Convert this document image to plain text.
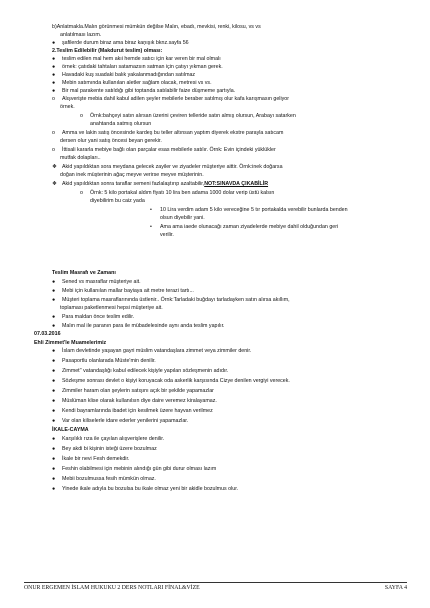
b)Anlatmaklа.Malın görünmesi mümkün değilse Malın, ebadı, mevkisi, renki, kilosu, vs vs
anlatılması lazım.
● şafilerde durum biraz ama biraz kaņışık bknz.sayfa 56
2.Teslim Edilebilir (Makdurut teslim) olması:
● teslim edilen mal hem akıi hemde satıcı için kar veren bir mal olmalı
● örnek: çatıdaki tahtaları satamazsın satman için çatıyı yıkman gerek.
● Havadaki kuş suadaki balık yakalanmadığından satılmaz
● Mebin satımında kullanılan aletler sağlam olacak, metresi vs vs.
● Bir mal parakente satıldığı gibi toptanda satılabilir faize düşmeme şartıyla.
o Alışverişte mebia dahil kabul adilen şeyler mebilerle beraber satılmış olur kafa karışmasın geliyor
örnek.
o Örnk:bahçeyi satın alırsan üzerini çeviren telleride satın almış olursun, Arabayı satarken
anahtarıda satmış olursun
o Amma ve lakin satış öncesinde kardeş bu teller altınsan yaptım diyerek ekstre parayla satıcam
dersen olur yani satış öncesi beyan gerekir.
o İttisali kararla mebiye bağlı olan parçalar esas mebilerle satılır. Örnk: Evin içindeki yüklükler
mutfak dolapları..
❖ Akid yapıldıktan sora meydana gelecek zayiler ve ziyadeler müşteriye aittir. Örnk:inek doğarsa
doğan inek müşterinin ağaç meyve verirse meyve müşterinin.
❖ Akid yapıldıktan sonra taraflar semeni fazlalaştırıp azaltabilir,NOT:SINAVDA ÇIKABİLİR
o Örnk: 5 kilo portakal aldım fiyatı 10 lira ben adama 1000 dolar verip üstü kalsın
diyebilirim bu caiz yada
• 10 Lira verdim adam 5 kilo vereceğine 5 tır portakalda verebilir bunlarda benden
olsun diyebilir yani.
• Ama ama iaede olunacağı zaman ziyadelerde mebiye dahil olduğundan geri
verilir.
Teslim Masrafı ve Zamanı
● Sened vs masraflar müşteriye ait.
● Mebi için kullanılan mallar bayiaya ait metre terazi tartı...
● Müşteri toplama masraflarınında üstlenir.. Örnk:Tarladaki buğdayı tarladayken satın alırsa akıllım,
toplaması paketlenmesi hepsi müşteriye ait.
● Para maldan önce teslim edilir.
● Malın mal ile paranın para ile mübadelesinde aynı anda teslim yapılır.
07.03.2016
Ehli Zimmet'le Muamelerimiz
● İslam devletinde yaşayan gayri müslim vatandaşlara zimmet veya zimmiler denir.
● Pasaportlu olanlarada Müste'min denilir.
● Zimmet'' vatandaşlığı kabul edilecek kişiyle yapılan sözleşmenin adıdır.
● Sözleşme sonrası devlet o kişiyi koruyacak oda askerlik karşısında Cizye denilen vergiyi verecek.
● Zimmiler haram olan şeylerin satışını açık bir şekilde yapamazlar
● Müslüman klise olarak kullanılsın diye daire veremez kiralayamaz.
● Kendi bayramlarında ibadet için kesilmek üzere hayvan verilmez
● Var olan kiliselerle idare ederler yenilerini yapamazlar.
İKALE-CAYMA
● Karşılıklı rıza ile çayılan alışverişlere denilir.
● Bey akdi bi kişinin isteği üzere bozulmaz
● İkale bir nevi Fesh demekdir.
● Feshin olabilmesi için mebinin alındığı gün gibi durur olması lazım
● Mebii bozulmussa fesih mümkün olmaz.
● Yinede ikale adıyla bu bozulsa bu ikale olmaz yeni bir akidle bozulmus olur.
ONUR ERGEMEN İSLAM HUKUKU 2 DERS NOTLARI FİNAL&VİZE	SAYFA 4
